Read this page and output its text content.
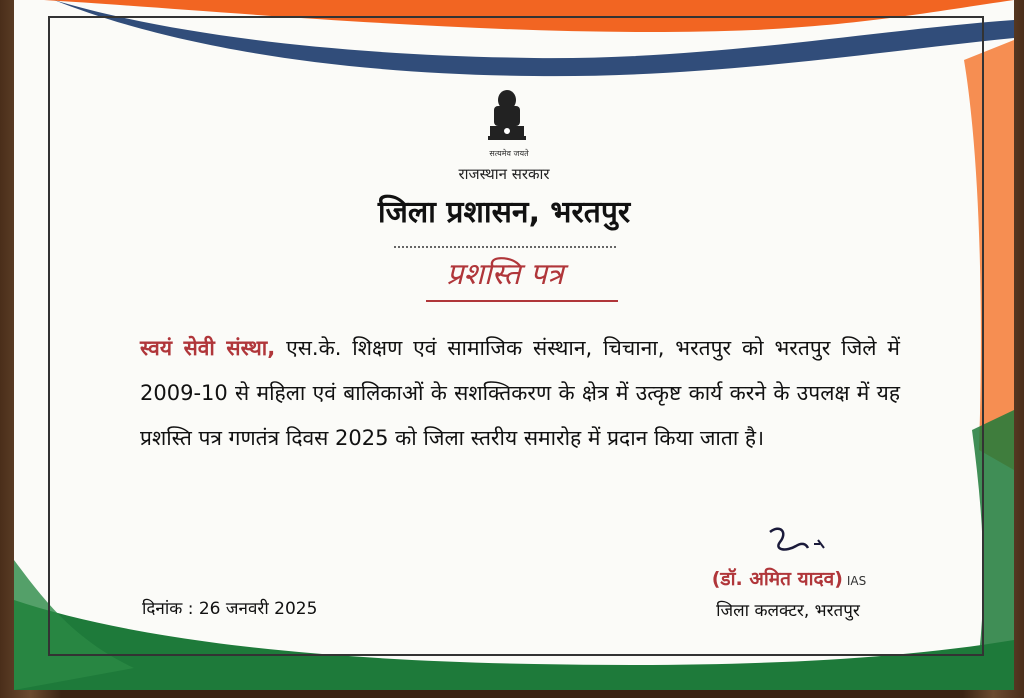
सत्यमेव जयते
राजस्थान सरकार
जिला प्रशासन, भरतपुर
प्रशस्ति पत्र
स्वयं सेवी संस्था, एस.के. शिक्षण एवं सामाजिक संस्थान, चिचाना, भरतपुर को भरतपुर जिले में 2009-10 से महिला एवं बालिकाओं के सशक्तिकरण के क्षेत्र में उत्कृष्ट कार्य करने के उपलक्ष में यह प्रशस्ति पत्र गणतंत्र दिवस 2025 को जिला स्तरीय समारोह में प्रदान किया जाता है।
(डॉ. अमित यादव) IAS
जिला कलक्टर, भरतपुर
दिनांक : 26 जनवरी 2025
